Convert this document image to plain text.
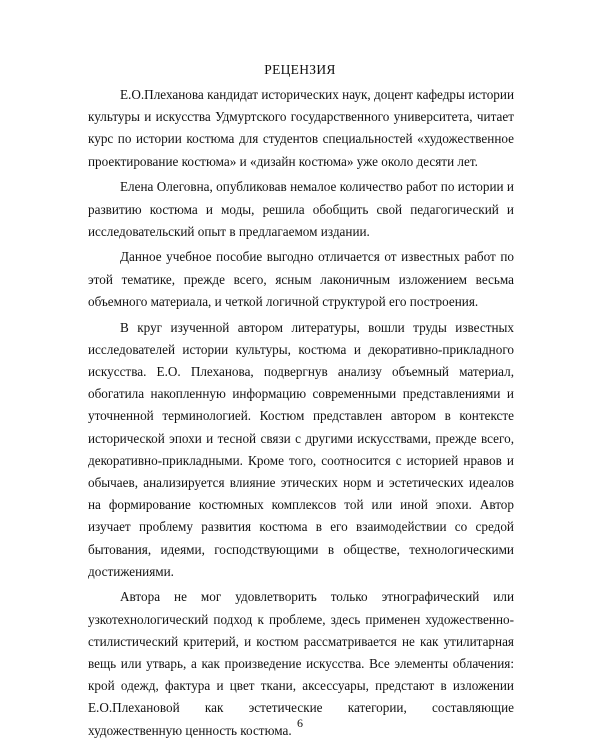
РЕЦЕНЗИЯ

Е.О.Плеханова кандидат исторических наук, доцент кафедры истории культуры и искусства Удмуртского государственного университета, читает курс по истории костюма для студентов специальностей «художественное проектирование костюма» и «дизайн костюма» уже около десяти лет.

Елена Олеговна, опубликовав немалое количество работ по истории и развитию костюма и моды, решила обобщить свой педагогический и исследовательский опыт в предлагаемом издании.

Данное учебное пособие выгодно отличается от известных работ по этой тематике, прежде всего, ясным лаконичным изложением весьма объемного материала, и четкой логичной структурой его построения.

В круг изученной автором литературы, вошли труды известных исследователей истории культуры, костюма и декоративно-прикладного искусства. Е.О. Плеханова, подвергнув анализу объемный материал, обогатила накопленную информацию современными представлениями и уточненной терминологией. Костюм представлен автором в контексте исторической эпохи и тесной связи с другими искусствами, прежде всего, декоративно-прикладными. Кроме того, соотносится с историей нравов и обычаев, анализируется влияние этических норм и эстетических идеалов на формирование костюмных комплексов той или иной эпохи. Автор изучает проблему развития костюма в его взаимодействии со средой бытования, идеями, господствующими в обществе, технологическими достижениями.

Автора не мог удовлетворить только этнографический или узкотехнологический подход к проблеме, здесь применен художественно-стилистический критерий, и костюм рассматривается не как утилитарная вещь или утварь, а как произведение искусства. Все элементы облачения: крой одежд, фактура и цвет ткани, аксессуары, предстают в изложении Е.О.Плехановой как эстетические категории, составляющие художественную ценность костюма. 6
